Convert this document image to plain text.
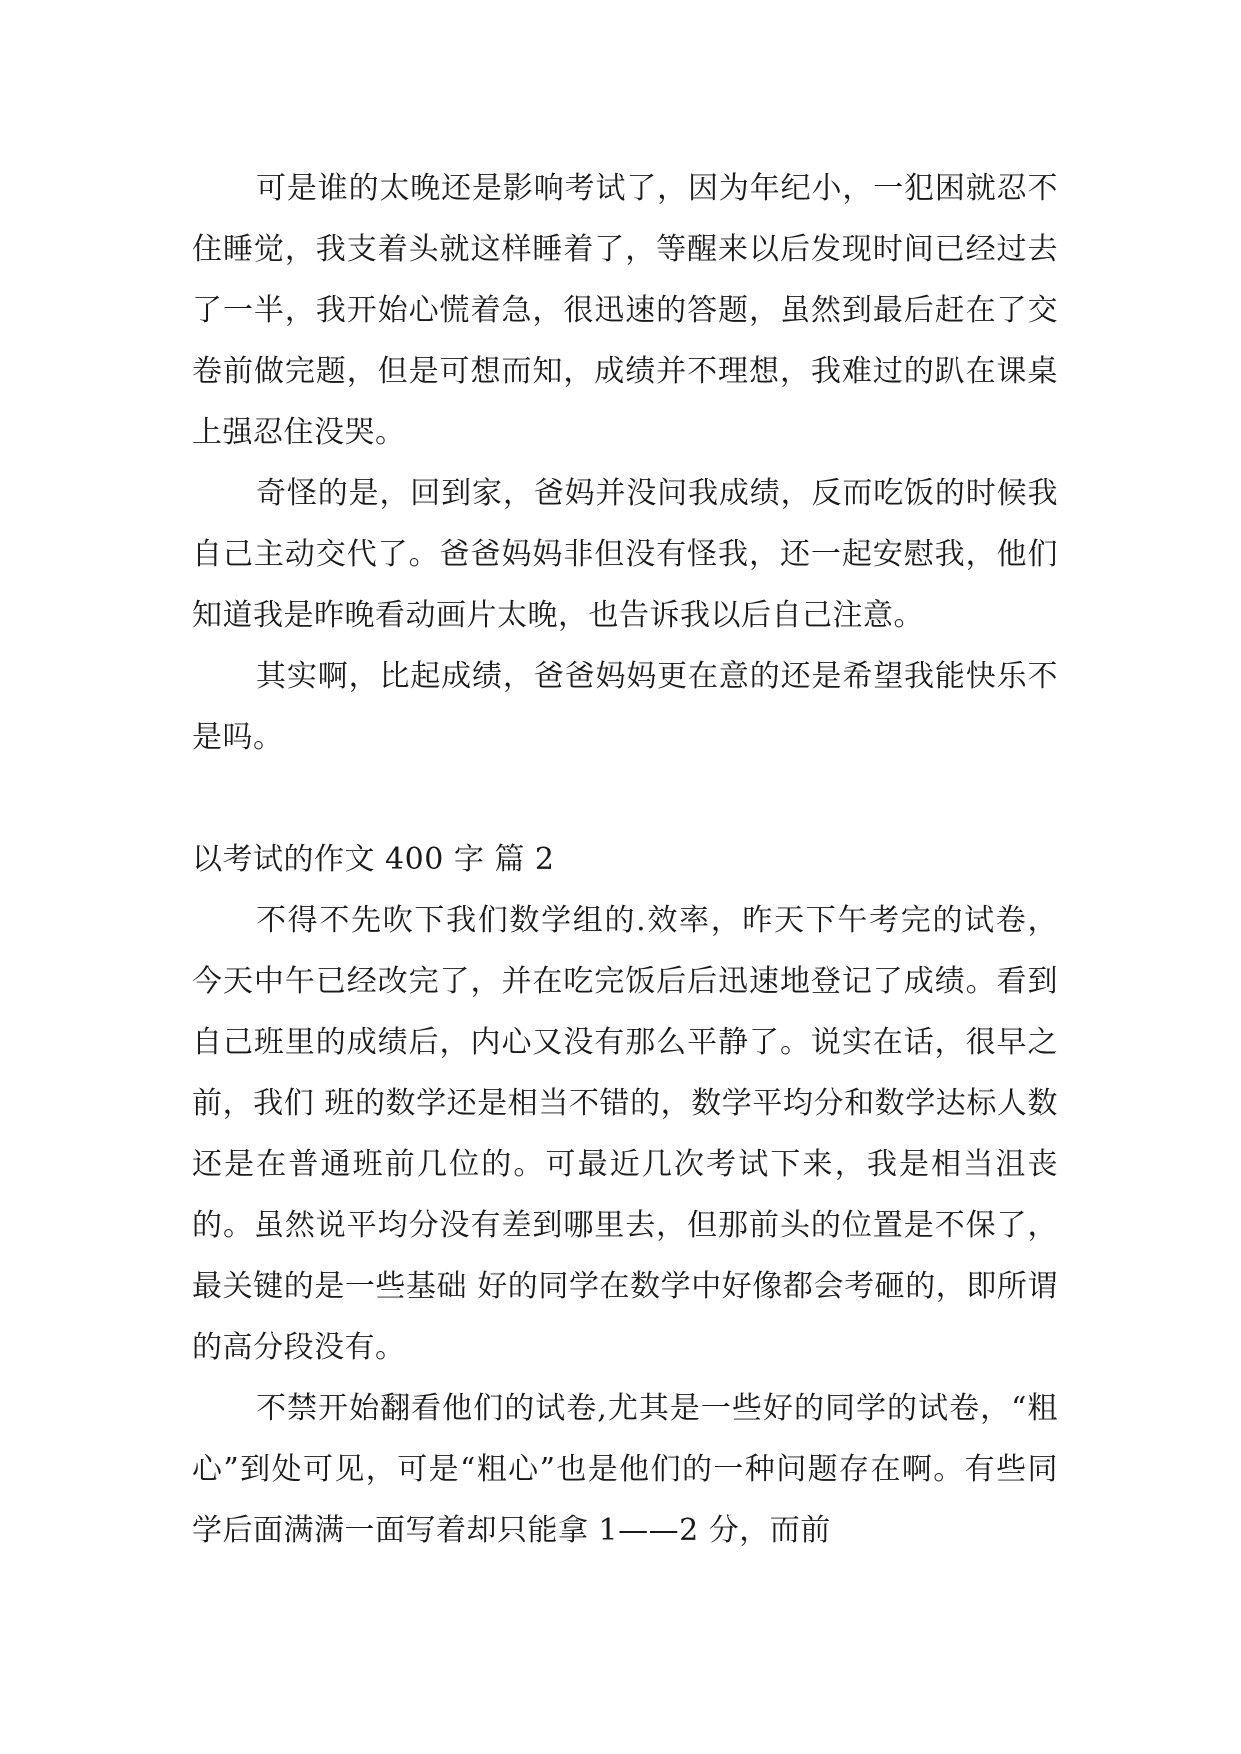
可是谁的太晚还是影响考试了，因为年纪小，一犯困就忍不住睡觉，我支着头就这样睡着了，等醒来以后发现时间已经过去了一半，我开始心慌着急，很迅速的答题，虽然到最后赶在了交卷前做完题，但是可想而知，成绩并不理想，我难过的趴在课桌上强忍住没哭。

奇怪的是，回到家，爸妈并没问我成绩，反而吃饭的时候我自己主动交代了。爸爸妈妈非但没有怪我，还一起安慰我，他们知道我是昨晚看动画片太晚，也告诉我以后自己注意。

其实啊，比起成绩，爸爸妈妈更在意的还是希望我能快乐不是吗。

以考试的作文 400 字 篇 2

不得不先吹下我们数学组的.效率，昨天下午考完的试卷，今天中午已经改完了，并在吃完饭后后迅速地登记了成绩。看到自己班里的成绩后，内心又没有那么平静了。说实在话，很早之前，我们 班的数学还是相当不错的，数学平均分和数学达标人数还是在普通班前几位的。可最近几次考试下来，我是相当沮丧的。虽然说平均分没有差到哪里去，但那前头的位置是不保了，最关键的是一些基础 好的同学在数学中好像都会考砸的，即所谓的高分段没有。

不禁开始翻看他们的试卷,尤其是一些好的同学的试卷，“粗心”到处可见，可是“粗心”也是他们的一种问题存在啊。有些同学后面满满一面写着却只能拿 1——2 分，而前
